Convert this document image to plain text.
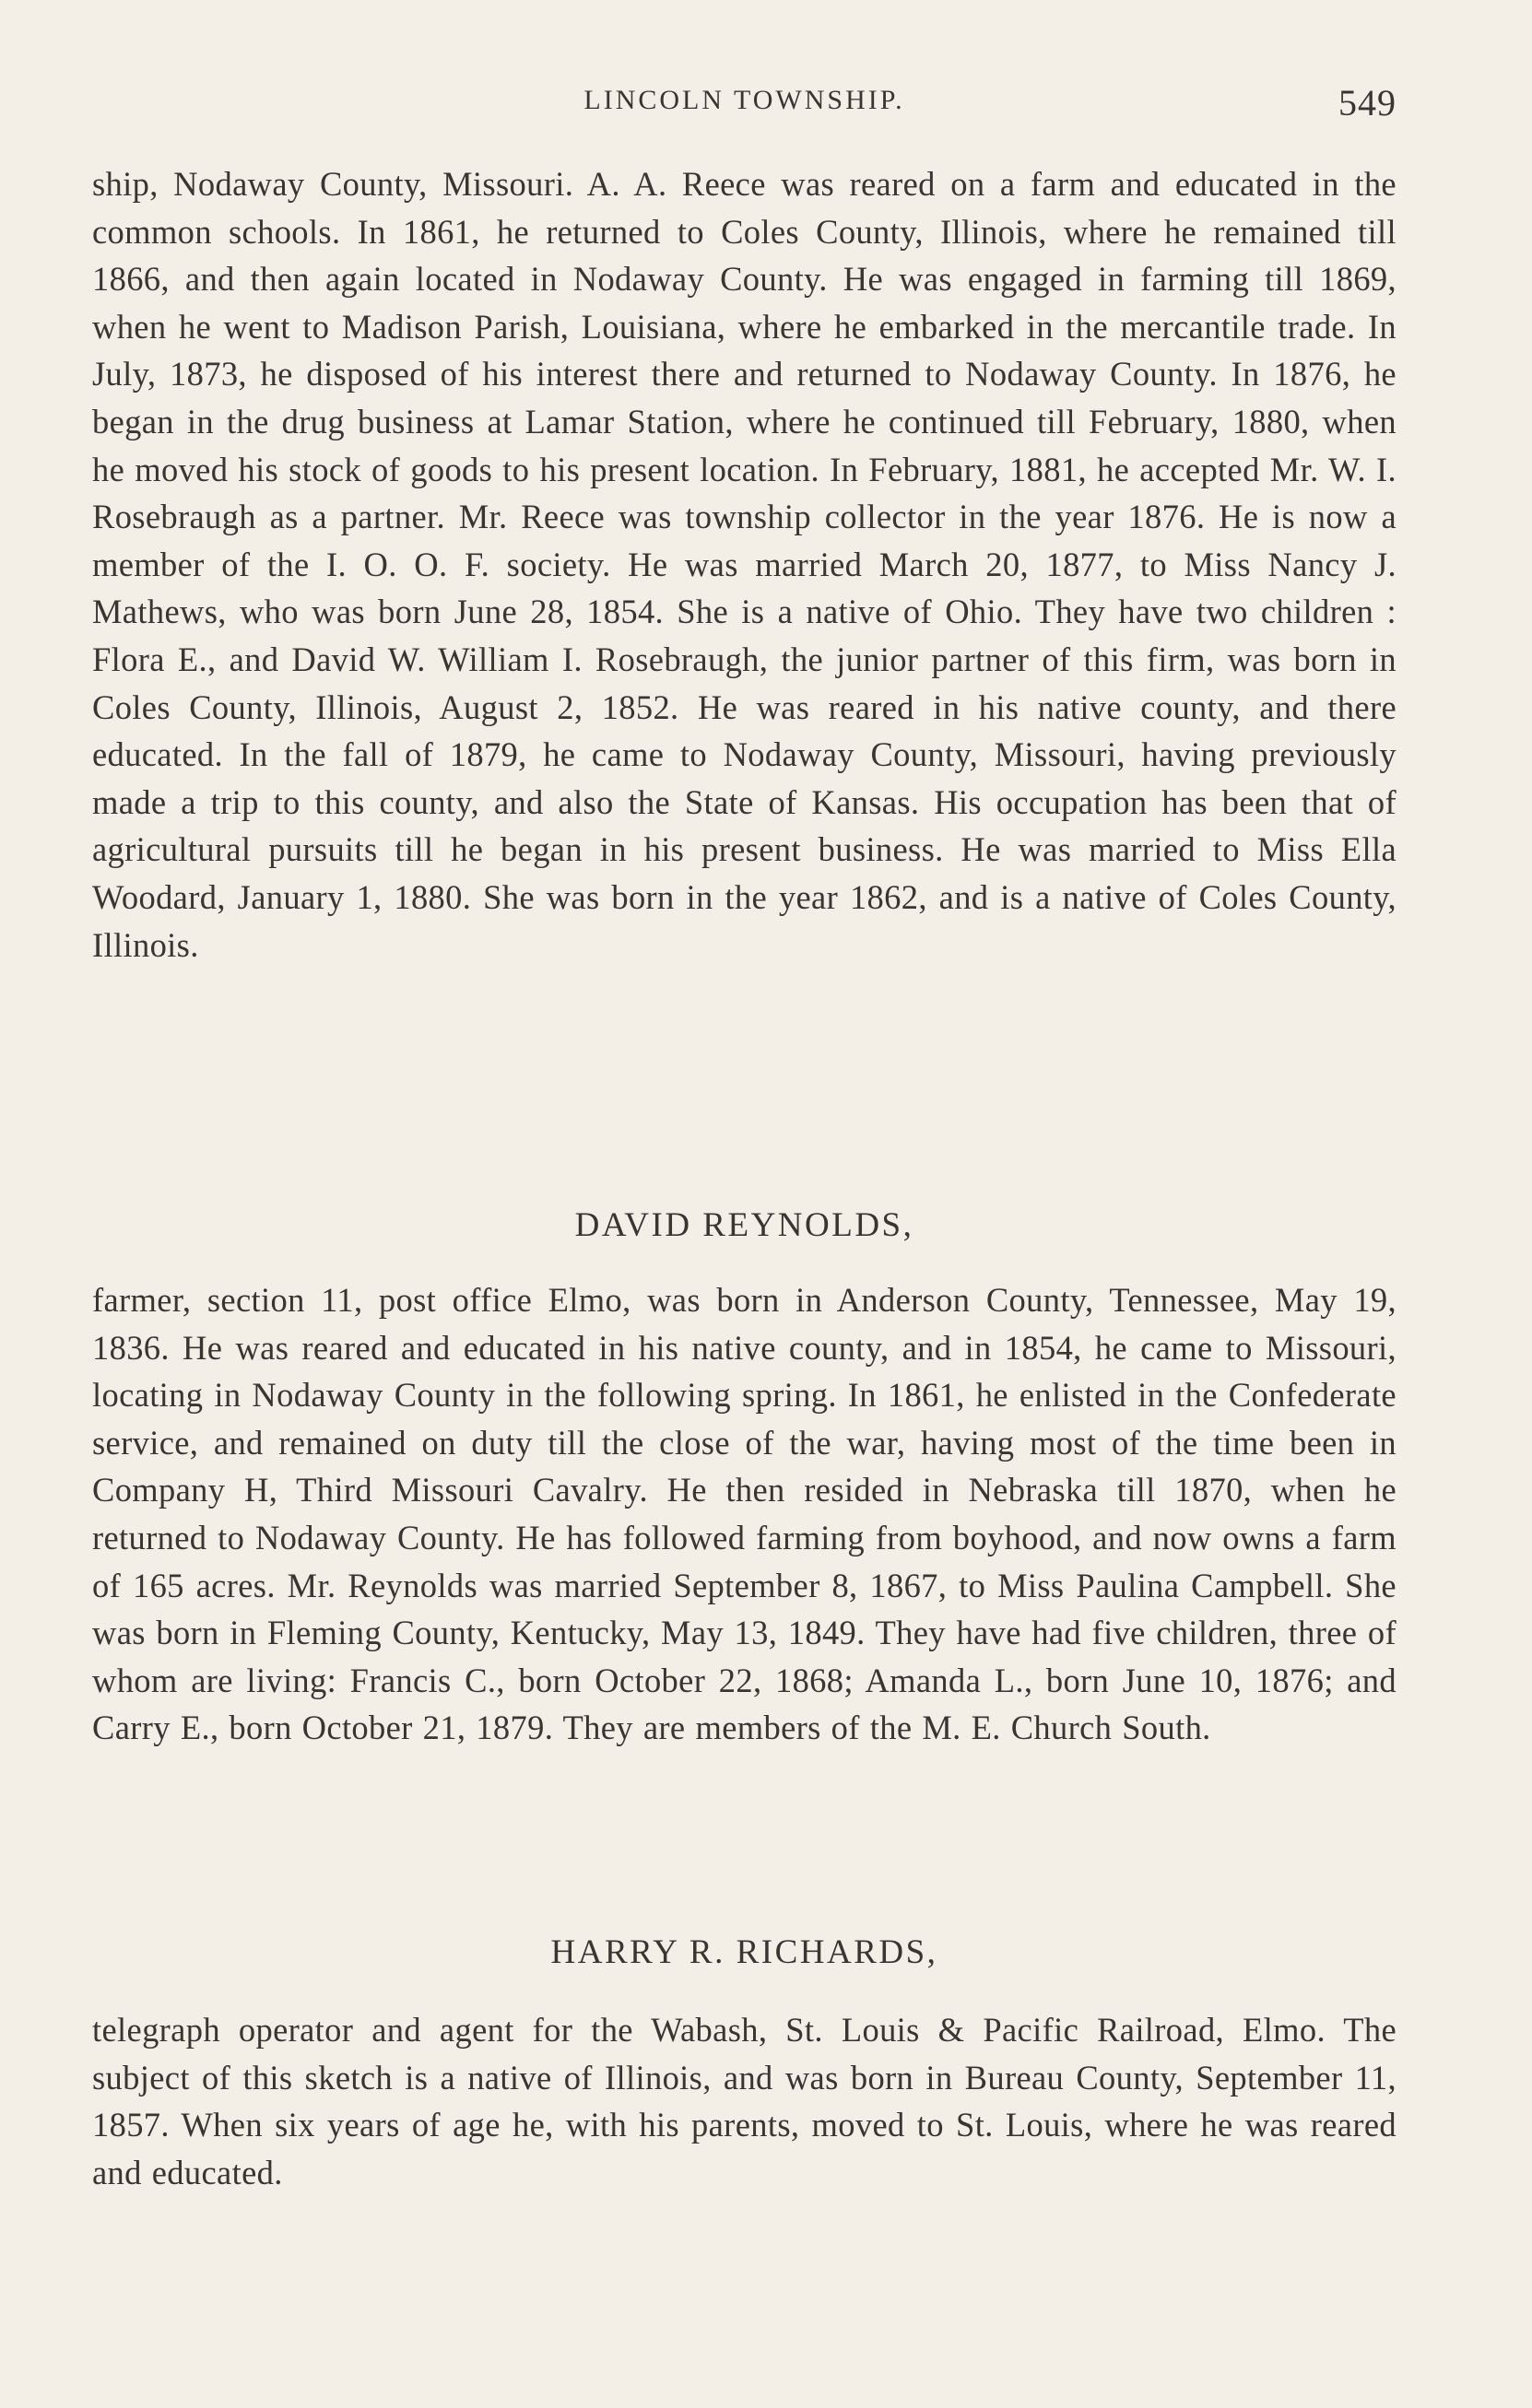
LINCOLN TOWNSHIP.	549

ship, Nodaway County, Missouri. A. A. Reece was reared on a farm and educated in the common schools. In 1861, he returned to Coles County, Illinois, where he remained till 1866, and then again located in Nodaway County. He was engaged in farming till 1869, when he went to Madison Parish, Louisiana, where he embarked in the mercantile trade. In July, 1873, he disposed of his interest there and returned to Nodaway County. In 1876, he began in the drug business at Lamar Station, where he continued till February, 1880, when he moved his stock of goods to his present location. In February, 1881, he accepted Mr. W. I. Rosebraugh as a partner. Mr. Reece was township collector in the year 1876. He is now a member of the I. O. O. F. society. He was married March 20, 1877, to Miss Nancy J. Mathews, who was born June 28, 1854. She is a native of Ohio. They have two children : Flora E., and David W. William I. Rosebraugh, the junior partner of this firm, was born in Coles County, Illinois, August 2, 1852. He was reared in his native county, and there educated. In the fall of 1879, he came to Nodaway County, Missouri, having previously made a trip to this county, and also the State of Kansas. His occupation has been that of agricultural pursuits till he began in his present business. He was married to Miss Ella Woodard, January 1, 1880. She was born in the year 1862, and is a native of Coles County, Illinois.

DAVID REYNOLDS,

farmer, section 11, post office Elmo, was born in Anderson County, Tennessee, May 19, 1836. He was reared and educated in his native county, and in 1854, he came to Missouri, locating in Nodaway County in the following spring. In 1861, he enlisted in the Confederate service, and remained on duty till the close of the war, having most of the time been in Company H, Third Missouri Cavalry. He then resided in Nebraska till 1870, when he returned to Nodaway County. He has followed farming from boyhood, and now owns a farm of 165 acres. Mr. Reynolds was married September 8, 1867, to Miss Paulina Campbell. She was born in Fleming County, Kentucky, May 13, 1849. They have had five children, three of whom are living: Francis C., born October 22, 1868; Amanda L., born June 10, 1876; and Carry E., born October 21, 1879. They are members of the M. E. Church South.

HARRY R. RICHARDS,

telegraph operator and agent for the Wabash, St. Louis & Pacific Railroad, Elmo. The subject of this sketch is a native of Illinois, and was born in Bureau County, September 11, 1857. When six years of age he, with his parents, moved to St. Louis, where he was reared and educated.
